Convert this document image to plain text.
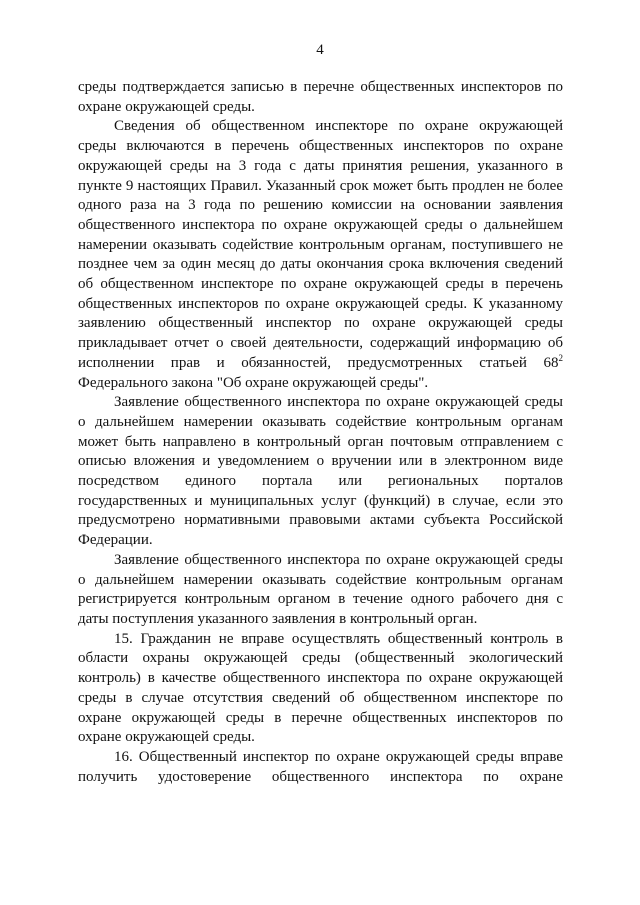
4

среды подтверждается записью в перечне общественных инспекторов по охране окружающей среды.

Сведения об общественном инспекторе по охране окружающей среды включаются в перечень общественных инспекторов по охране окружающей среды на 3 года с даты принятия решения, указанного в пункте 9 настоящих Правил. Указанный срок может быть продлен не более одного раза на 3 года по решению комиссии на основании заявления общественного инспектора по охране окружающей среды о дальнейшем намерении оказывать содействие контрольным органам, поступившего не позднее чем за один месяц до даты окончания срока включения сведений об общественном инспекторе по охране окружающей среды в перечень общественных инспекторов по охране окружающей среды. К указанному заявлению общественный инспектор по охране окружающей среды прикладывает отчет о своей деятельности, содержащий информацию об исполнении прав и обязанностей, предусмотренных статьей $68^2$ Федерального закона "Об охране окружающей среды".

Заявление общественного инспектора по охране окружающей среды о дальнейшем намерении оказывать содействие контрольным органам может быть направлено в контрольный орган почтовым отправлением с описью вложения и уведомлением о вручении или в электронном виде посредством единого портала или региональных порталов государственных и муниципальных услуг (функций) в случае, если это предусмотрено нормативными правовыми актами субъекта Российской Федерации.

Заявление общественного инспектора по охране окружающей среды о дальнейшем намерении оказывать содействие контрольным органам регистрируется контрольным органом в течение одного рабочего дня с даты поступления указанного заявления в контрольный орган.

15. Гражданин не вправе осуществлять общественный контроль в области охраны окружающей среды (общественный экологический контроль) в качестве общественного инспектора по охране окружающей среды в случае отсутствия сведений об общественном инспекторе по охране окружающей среды в перечне общественных инспекторов по охране окружающей среды.

16. Общественный инспектор по охране окружающей среды вправе получить удостоверение общественного инспектора по охране
